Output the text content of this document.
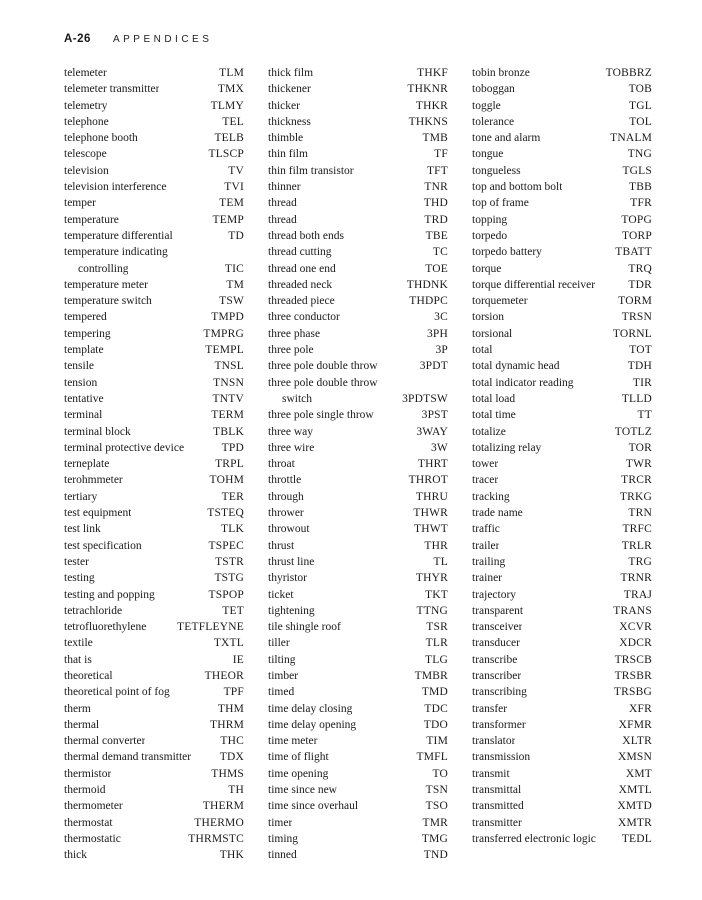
A-26 APPENDICES
telemeter	TLM
telemeter transmitter	TMX
telemetry	TLMY
telephone	TEL
telephone booth	TELB
telescope	TLSCP
television	TV
television interference	TVI
temper	TEM
temperature	TEMP
temperature differential	TD
temperature indicating
controlling	TIC
temperature meter	TM
temperature switch	TSW
tempered	TMPD
tempering	TMPRG
template	TEMPL
tensile	TNSL
tension	TNSN
tentative	TNTV
terminal	TERM
terminal block	TBLK
terminal protective device	TPD
terneplate	TRPL
terohmmeter	TOHM
tertiary	TER
test equipment	TSTEQ
test link	TLK
test specification	TSPEC
tester	TSTR
testing	TSTG
testing and popping	TSPOP
tetrachloride	TET
tetrofluorethylene	TETFLEYNE
textile	TXTL
that is	IE
theoretical	THEOR
theoretical point of fog	TPF
therm	THM
thermal	THRM
thermal converter	THC
thermal demand transmitter TDX
thermistor	THMS
thermoid	TH
thermometer	THERM
thermostat	THERMO
thermostatic	THRMSTC
thick	THK
thick film	THKF
thickener	THKNR
thicker	THKR
thickness	THKNS
thimble	TMB
thin film	TF
thin film transistor	TFT
thinner	TNR
thread	THD
thread	TRD
thread both ends	TBE
thread cutting	TC
thread one end	TOE
threaded neck	THDNK
threaded piece	THDPC
three conductor	3C
three phase	3PH
three pole	3P
three pole double throw	3PDT
three pole double throw
switch	3PDTSW
three pole single throw	3PST
three way	3WAY
three wire	3W
throat	THRT
throttle	THROT
through	THRU
thrower	THWR
throwout	THWT
thrust	THR
thrust line	TL
thyristor	THYR
ticket	TKT
tightening	TTNG
tile shingle roof	TSR
tiller	TLR
tilting	TLG
timber	TMBR
timed	TMD
time delay closing	TDC
time delay opening	TDO
time meter	TIM
time of flight	TMFL
time opening	TO
time since new	TSN
time since overhaul	TSO
timer	TMR
timing	TMG
tinned	TND
tobin bronze	TOBBRZ
toboggan	TOB
toggle	TGL
tolerance	TOL
tone and alarm	TNALM
tongue	TNG
tongueless	TGLS
top and bottom bolt	TBB
top of frame	TFR
topping	TOPG
torpedo	TORP
torpedo battery	TBATT
torque	TRQ
torque differential receiver	TDR
torquemeter	TORM
torsion	TRSN
torsional	TORNL
total	TOT
total dynamic head	TDH
total indicator reading	TIR
total load	TLLD
total time	TT
totalize	TOTLZ
totalizing relay	TOR
tower	TWR
tracer	TRCR
tracking	TRKG
trade name	TRN
traffic	TRFC
trailer	TRLR
trailing	TRG
trainer	TRNR
trajectory	TRAJ
transparent	TRANS
transceiver	XCVR
transducer	XDCR
transcribe	TRSCB
transcriber	TRSBR
transcribing	TRSBG
transfer	XFR
transformer	XFMR
translator	XLTR
transmission	XMSN
transmit	XMT
transmittal	XMTL
transmitted	XMTD
transmitter	XMTR
transferred electronic logic TEDL
